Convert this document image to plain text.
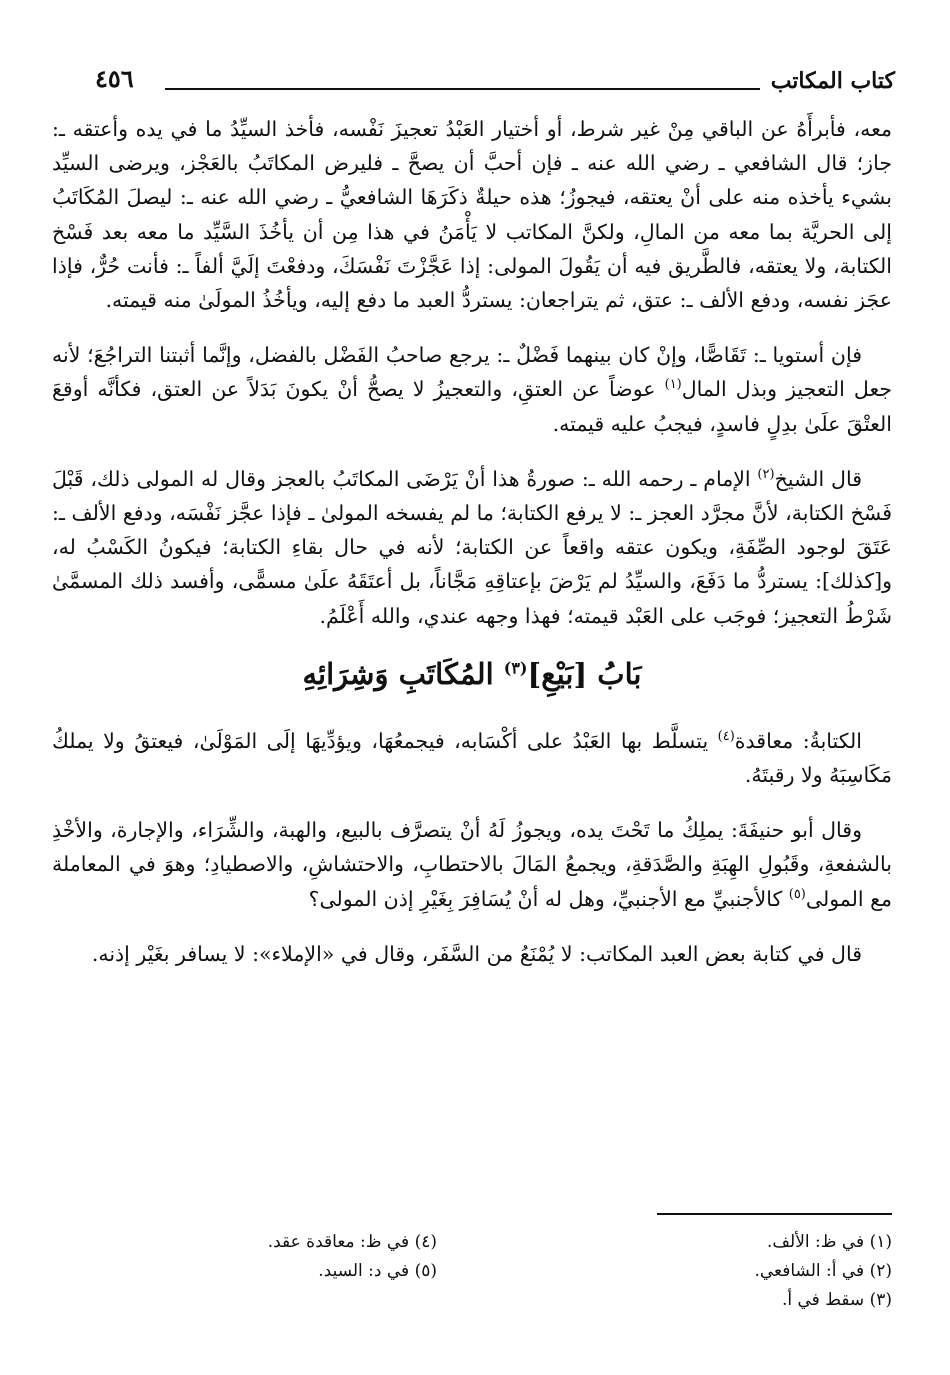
كتاب المكاتب
٤٥٦

معه، فأبرأَهُ عن الباقي مِنْ غير شرط، أو أختيار العَبْدُ تعجيزَ نَفْسه، فأخذ السيِّدُ ما في يده وأعتقه ـ: جاز؛ قال الشافعي ـ رضي الله عنه ـ فإن أحبَّ أن يصحَّ ـ فليرض المكاتَبُ بالعَجْز، ويرضى السيِّد بشيء يأخذه منه على أنْ يعتقه، فيجوزُ؛ هذه حيلةٌ ذكَرَهَا الشافعيُّ ـ رضي الله عنه ـ: ليصلَ المُكَاتَبُ إلى الحريَّة بما معه من المالِ، ولكنَّ المكاتب لا يَأْمَنُ في هذا مِن أن يأخُذَ السَّيِّد ما معه بعد فَسْخ الكتابة، ولا يعتقه، فالطَّريق فيه أن يَقُولَ المولى: إذا عَجَّزْتَ نَفْسَكَ، ودفعْتَ إلَيَّ ألفاً ـ: فأنت حُرٌّ، فإذا عجَز نفسه، ودفع الألف ـ: عتق، ثم يتراجعان: يستردُّ العبد ما دفع إليه، ويأخُذُ المولَىٰ منه قيمته.

فإن أستويا ـ: تَقَاصًّا، وإنْ كان بينهما فَضْلٌ ـ: يرجع صاحبُ الفَضْل بالفضل، وإنَّما أثبتنا التراجُعَ؛ لأنه جعل التعجيز وبذل المال$^{(١)}$ عوضاً عن العتقِ، والتعجيزُ لا يصحُّ أنْ يكونَ بَدَلاً عن العتق، فكأنَّه أوقعَ العتْقَ علَىٰ بدِلٍ فاسدٍ، فيجبُ عليه قيمته.

قال الشيخ$^{(٢)}$ الإمام ـ رحمه الله ـ: صورةُ هذا أنْ يَرْضَى المكاتَبُ بالعجز وقال له المولى ذلك، قَبْلَ فَسْخ الكتابة، لأنَّ مجرَّد العجز ـ: لا يرفع الكتابة؛ ما لم يفسخه المولىٰ ـ فإذا عجَّز نَفْسَه، ودفع الألف ـ: عَتَقَ لوجود الصِّفَةِ، ويكون عتقه واقعاً عن الكتابة؛ لأنه في حال بقاءِ الكتابة؛ فيكونُ الكَسْبُ له، و[كذلك]: يستردُّ ما دَفَعَ، والسيِّدُ لم يَرْضَ بإعتاقِهِ مَجَّاناً، بل أعتَقَهُ علَىٰ مسمًّى، وأفسد ذلك المسمَّىٰ شَرْطُ التعجيز؛ فوجَب على العَبْد قيمته؛ فهذا وجهه عندي، والله أَعْلَمُ.

بَابُ [بَيْعِ]$^{(٣)}$ المُكَاتَبِ وَشِرَائِهِ

الكتابةُ: معاقدة$^{(٤)}$ يتسلَّط بها العَبْدُ على أكْسَابه، فيجمعُهَا، ويؤدِّيهَا إلَى المَوْلَىٰ، فيعتقُ ولا يملكُ مَكَاسِبَهُ ولا رقبتَهُ.

وقال أبو حنيفَةَ: يملِكُ ما تَحْتَ يده، ويجوزُ لَهُ أنْ يتصرَّف بالبيع، والهبة، والشِّرَاء، والإجارة، والأخْذِ بالشفعةِ، وقَبُولِ الهِبَةِ والصَّدَقةِ، ويجمعُ المَالَ بالاحتطابِ، والاحتشاشِ، والاصطيادِ؛ وهوَ في المعاملة مع المولى$^{(٥)}$ كالأجنبيِّ مع الأجنبيِّ، وهل له أنْ يُسَافِرَ بِغَيْرِ إذن المولى؟

قال في كتابة بعض العبد المكاتب: لا يُمْنَعُ من السَّفَر، وقال في «الإملاء»: لا يسافر بغَيْر إذنه.

(١) في ظ: الألف.
(٢) في أ: الشافعي.
(٣) سقط في أ.
(٤) في ظ: معاقدة عقد.
(٥) في د: السيد.
